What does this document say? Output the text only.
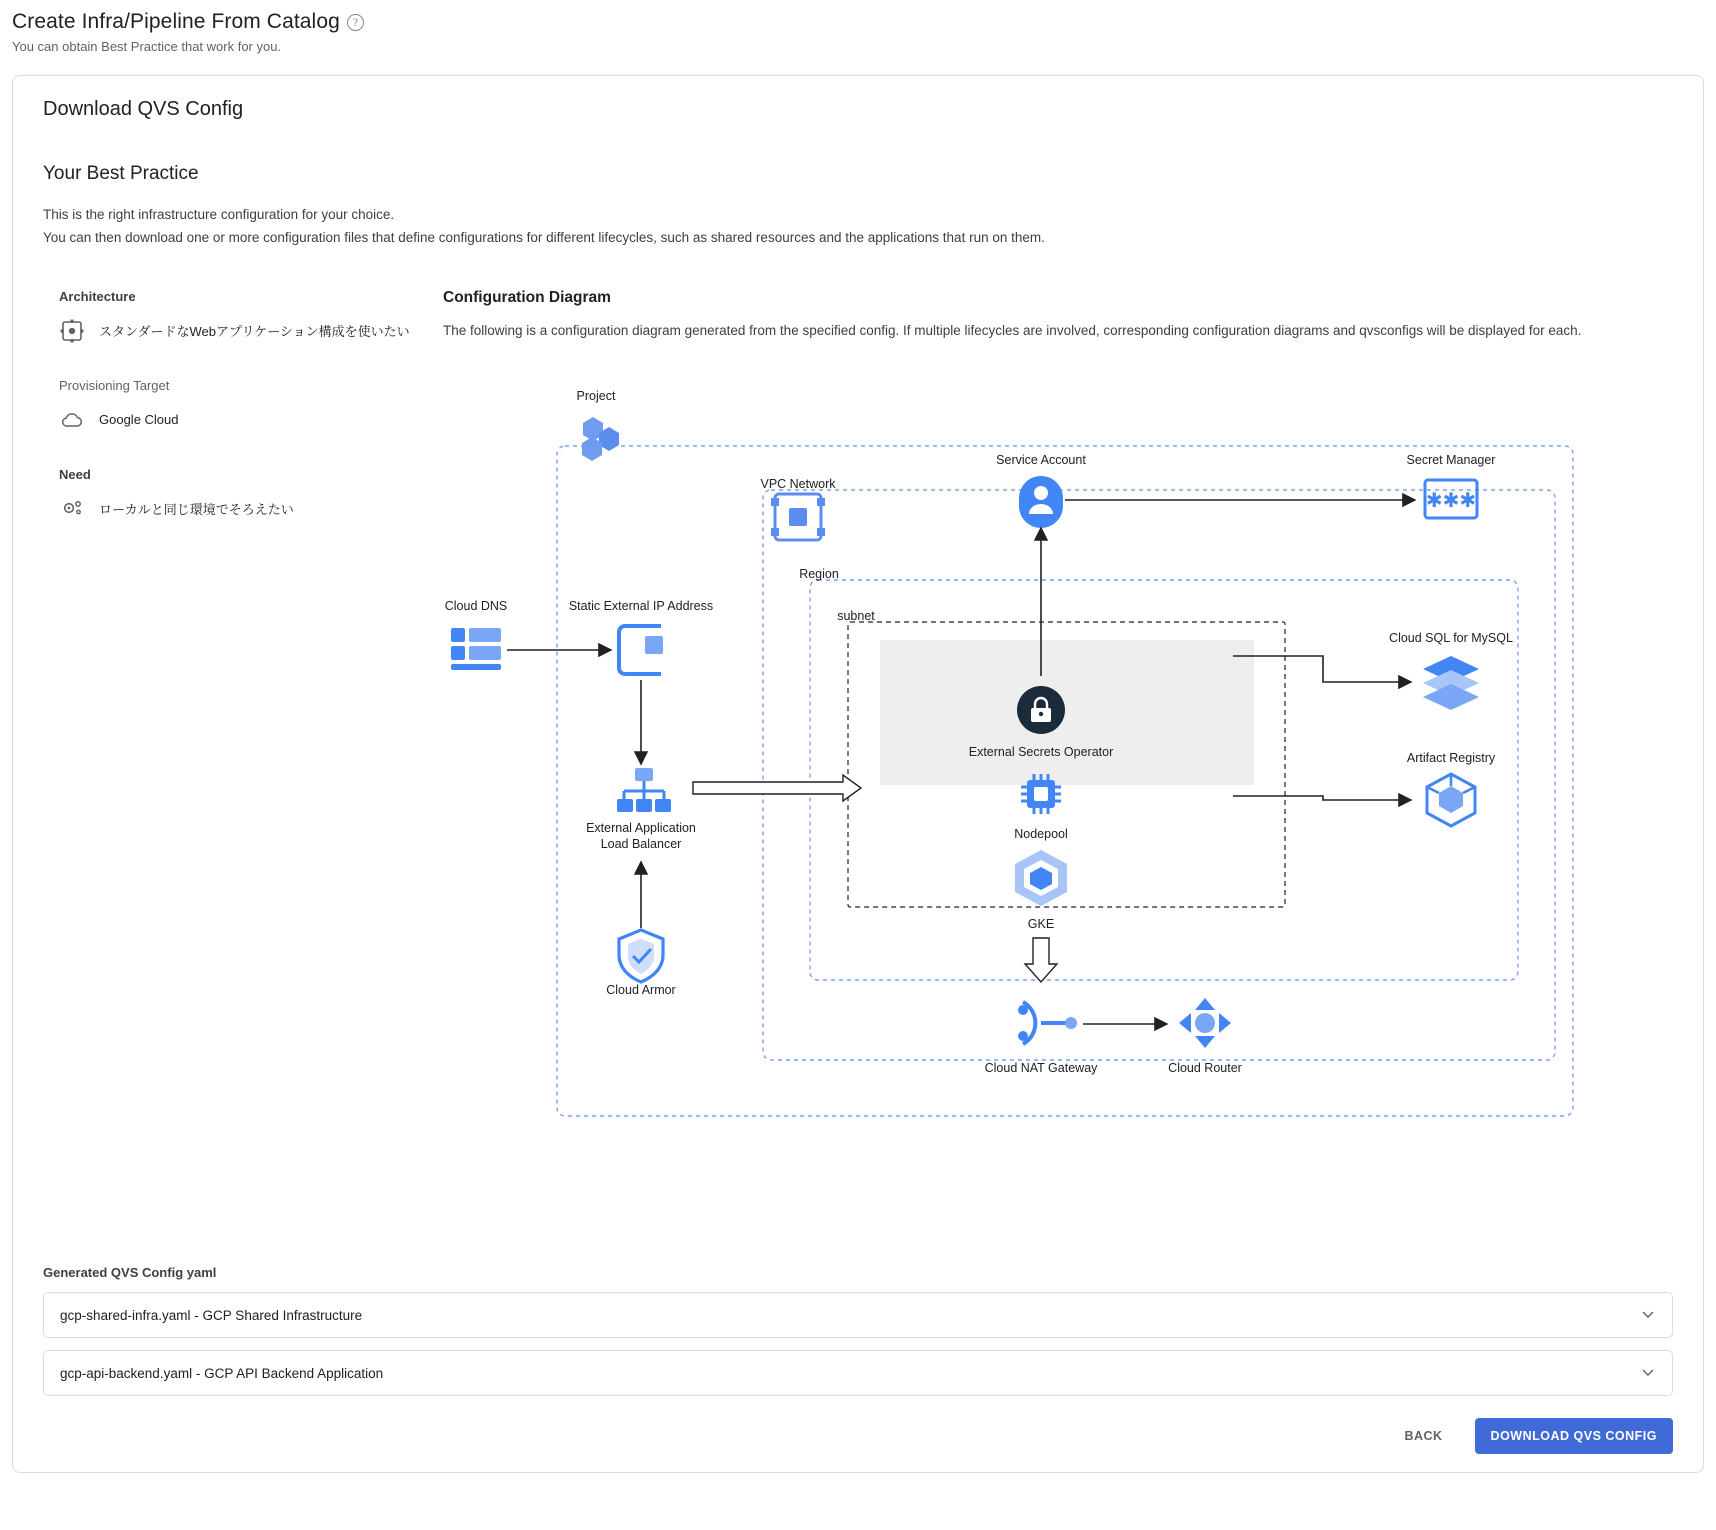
Create Infra/Pipeline From Catalog	?
You can obtain Best Practice that work for you.
Download QVS Config
Your Best Practice
This is the right infrastructure configuration for your choice.
You can then download one or more configuration files that define configurations for different lifecycles, such as shared resources and the applications that run on them.
Architecture
スタンダードなWebアプリケーション構成を使いたい
Provisioning Target
Google Cloud
Need
ローカルと同じ環境でそろえたい
Configuration Diagram
The following is a configuration diagram generated from the specified config. If multiple lifecycles are involved, corresponding configuration diagrams and qvsconfigs will be displayed for each.
Project
VPC Network
Region
subnet
Cloud DNS	Static External IP Address
External Application
Load Balancer
Cloud Armor
Service Account	Secret Manager
✱✱✱
External Secrets Operator
Nodepool
GKE
Cloud SQL for MySQL
Artifact Registry
Cloud NAT Gateway	Cloud Router
Generated QVS Config yaml
gcp-shared-infra.yaml - GCP Shared Infrastructure
gcp-api-backend.yaml - GCP API Backend Application
BACK	DOWNLOAD QVS CONFIG
